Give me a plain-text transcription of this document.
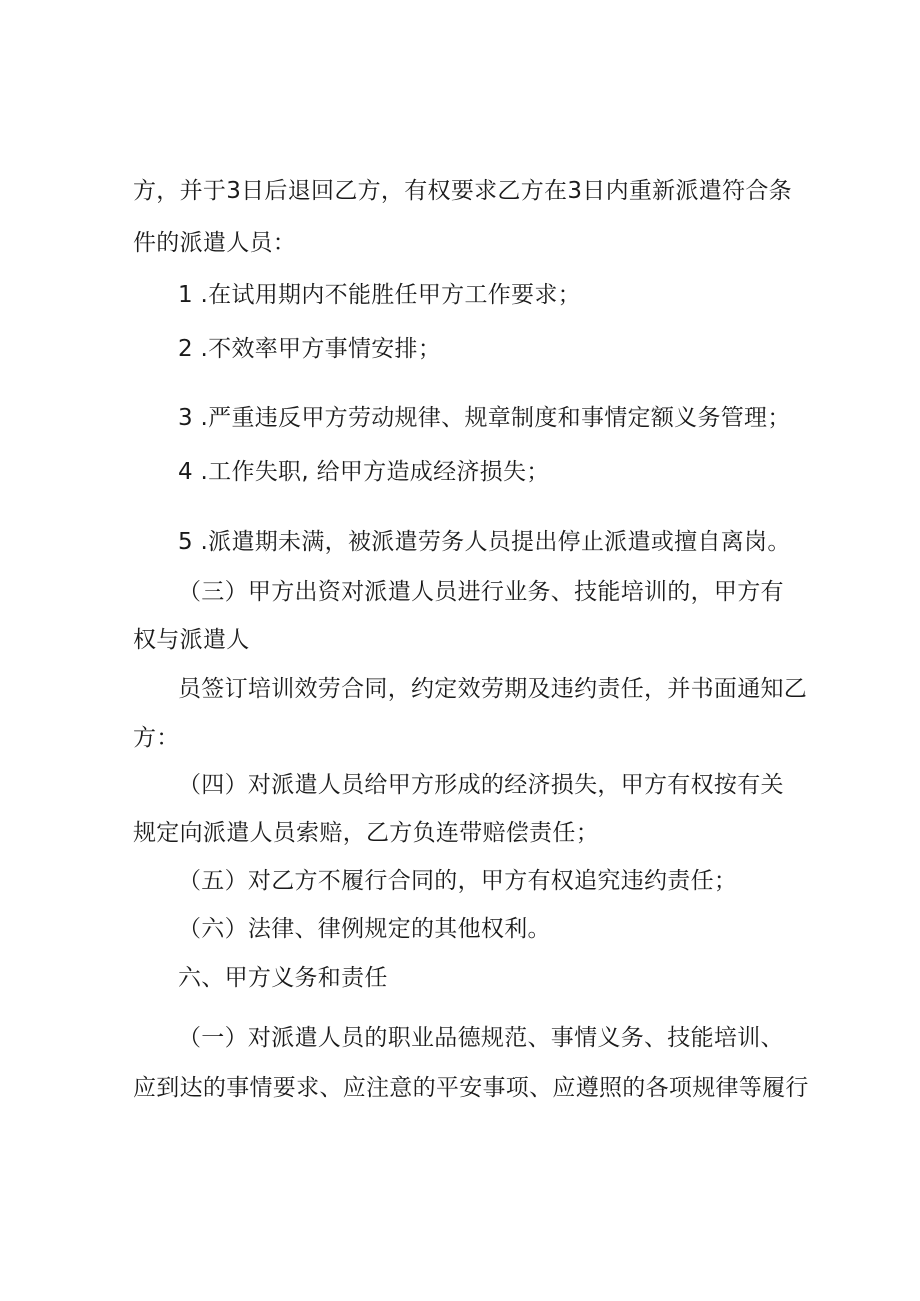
方，并于3日后退回乙方，有权要求乙方在3日内重新派遣符合条
件的派遣人员：
1 .在试用期内不能胜任甲方工作要求；
2 .不效率甲方事情安排；
3 .严重违反甲方劳动规律、规章制度和事情定额义务管理；
4 .工作失职, 给甲方造成经济损失；
5 .派遣期未满，被派遣劳务人员提出停止派遣或擅自离岗。
（三）甲方出资对派遣人员进行业务、技能培训的，甲方有
权与派遣人
员签订培训效劳合同，约定效劳期及违约责任，并书面通知乙
方：
（四）对派遣人员给甲方形成的经济损失，甲方有权按有关
规定向派遣人员索赔，乙方负连带赔偿责任；
（五）对乙方不履行合同的，甲方有权追究违约责任；
（六）法律、律例规定的其他权利。
六、甲方义务和责任
（一）对派遣人员的职业品德规范、事情义务、技能培训、
应到达的事情要求、应注意的平安事项、应遵照的各项规律等履行
